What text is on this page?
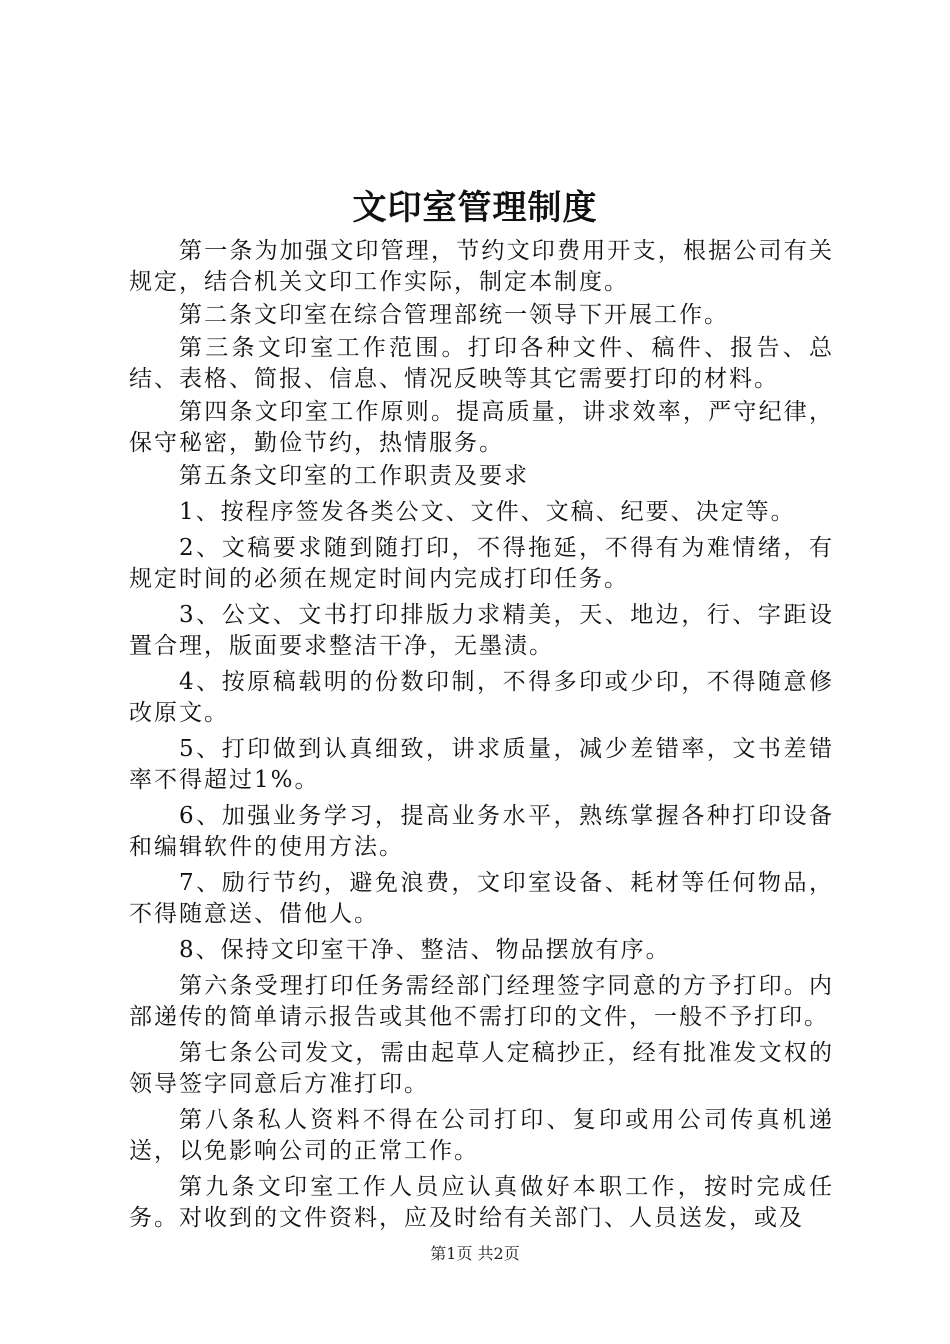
文印室管理制度

第一条为加强文印管理，节约文印费用开支，根据公司有关规定，结合机关文印工作实际，制定本制度。

第二条文印室在综合管理部统一领导下开展工作。

第三条文印室工作范围。打印各种文件、稿件、报告、总结、表格、简报、信息、情况反映等其它需要打印的材料。

第四条文印室工作原则。提高质量，讲求效率，严守纪律，保守秘密，勤俭节约，热情服务。

第五条文印室的工作职责及要求

1、按程序签发各类公文、文件、文稿、纪要、决定等。

2、文稿要求随到随打印，不得拖延，不得有为难情绪，有规定时间的必须在规定时间内完成打印任务。

3、公文、文书打印排版力求精美，天、地边，行、字距设置合理，版面要求整洁干净，无墨渍。

4、按原稿载明的份数印制，不得多印或少印，不得随意修改原文。

5、打印做到认真细致，讲求质量，减少差错率，文书差错率不得超过1%。

6、加强业务学习，提高业务水平，熟练掌握各种打印设备和编辑软件的使用方法。

7、励行节约，避免浪费，文印室设备、耗材等任何物品，不得随意送、借他人。

8、保持文印室干净、整洁、物品摆放有序。

第六条受理打印任务需经部门经理签字同意的方予打印。内部递传的简单请示报告或其他不需打印的文件，一般不予打印。

第七条公司发文，需由起草人定稿抄正，经有批准发文权的领导签字同意后方准打印。

第八条私人资料不得在公司打印、复印或用公司传真机递送，以免影响公司的正常工作。

第九条文印室工作人员应认真做好本职工作，按时完成任务。对收到的文件资料，应及时给有关部门、人员送发，或及

第1页 共2页
